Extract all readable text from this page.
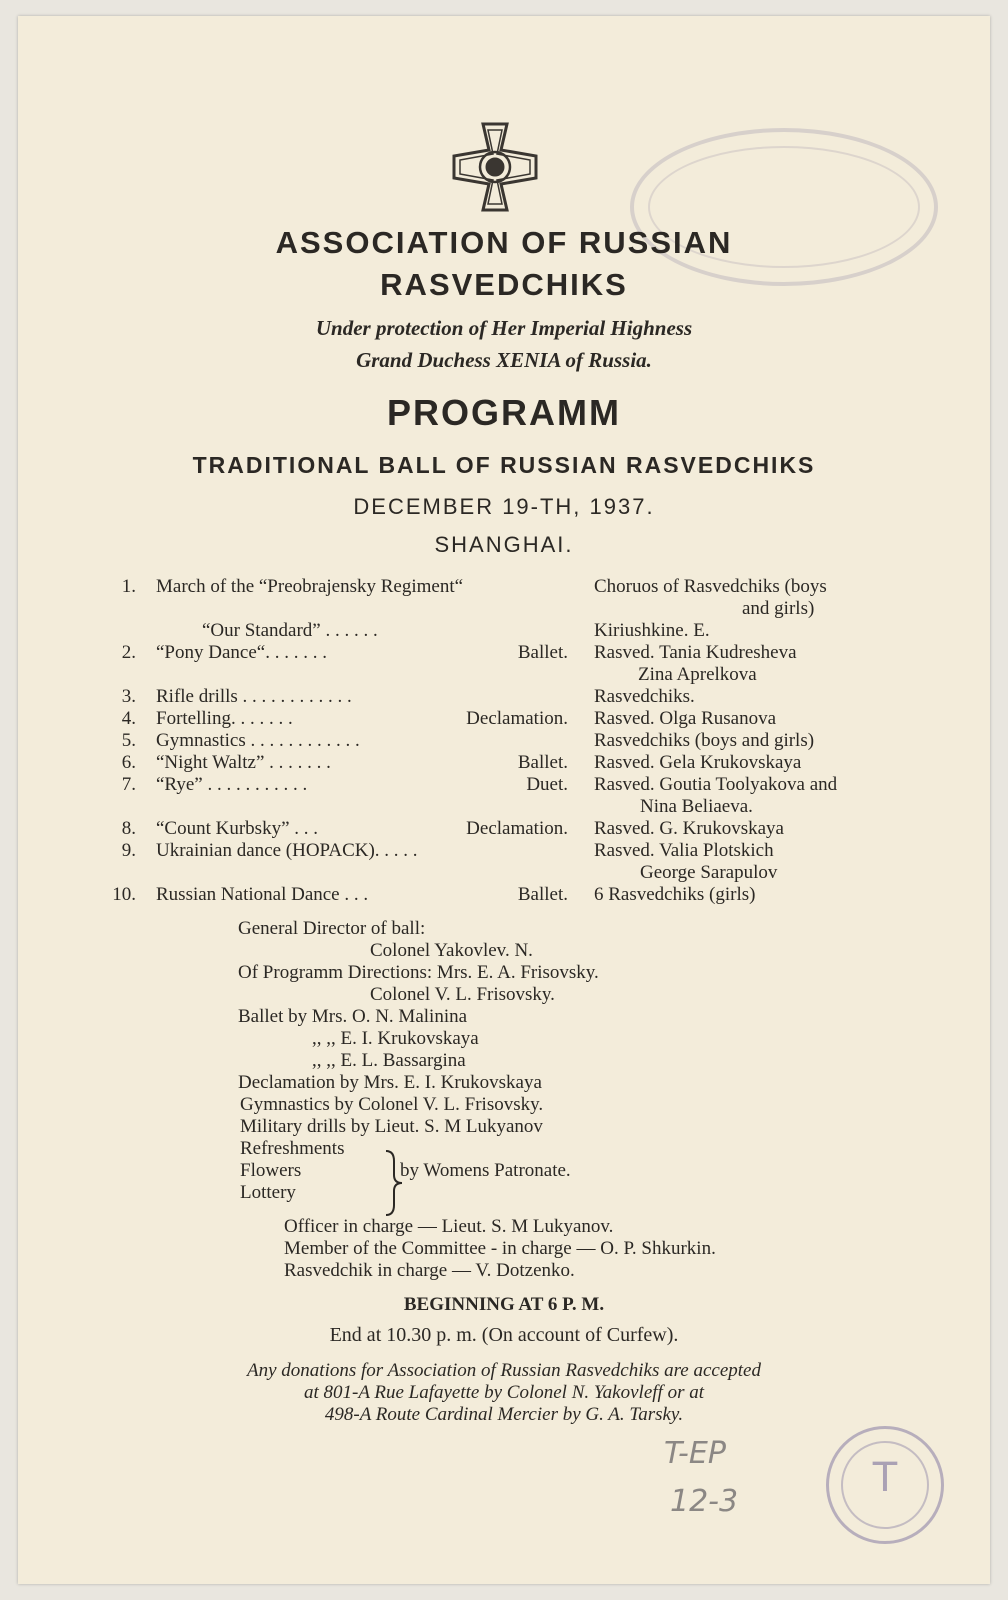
ASSOCIATION OF RUSSIAN
RASVEDCHIKS
Under protection of Her Imperial Highness
Grand Duchess XENIA of Russia.
PROGRAMM
TRADITIONAL BALL OF RUSSIAN RASVEDCHIKS
DECEMBER 19-TH, 1937.
SHANGHAI.
1. March of the “Preobrajensky Regiment“	Choruos of Rasvedchiks (boys
and girls)
“Our Standard” . . . . . .	Kiriushkine. E.
2. “Pony Dance“. . . . . . .	Ballet. Rasved. Tania Kudresheva
Zina Aprelkova
3. Rifle drills . . . . . . . . . . . .	Rasvedchiks.
4. Fortelling. . . . . . .	Declamation. Rasved. Olga Rusanova
5. Gymnastics . . . . . . . . . . . .	Rasvedchiks (boys and girls)
6. “Night Waltz” . . . . . . .	Ballet. Rasved. Gela Krukovskaya
7. “Rye” . . . . . . . . . . .	Duet. Rasved. Goutia Toolyakova and
Nina Beliaeva.
8. “Count Kurbsky” . . .	Declamation. Rasved. G. Krukovskaya
9. Ukrainian dance (HOPACK). . . . .	Rasved. Valia Plotskich
George Sarapulov
10. Russian National Dance . . .	Ballet. 6 Rasvedchiks (girls)
General Director of ball:
Colonel Yakovlev. N.
Of Programm Directions: Mrs. E. A. Frisovsky.
Colonel V. L. Frisovsky.
Ballet by Mrs. O. N. Malinina
,, ,, E. I. Krukovskaya
,, ,, E. L. Bassargina
Declamation by Mrs. E. I. Krukovskaya
Gymnastics by Colonel V. L. Frisovsky.
Military drills by Lieut. S. M Lukyanov
Refreshments
Flowers
Lottery
by Womens Patronate.
Officer in charge — Lieut. S. M Lukyanov.
Member of the Committee - in charge — O. P. Shkurkin.
Rasvedchik in charge — V. Dotzenko.
BEGINNING AT 6 P. M.
End at 10.30 p. m. (On account of Curfew).
Any donations for Association of Russian Rasvedchiks are accepted
at 801-A Rue Lafayette by Colonel N. Yakovleff or at
498-A Route Cardinal Mercier by G. A. Tarsky.
T-EP
12-3
T
